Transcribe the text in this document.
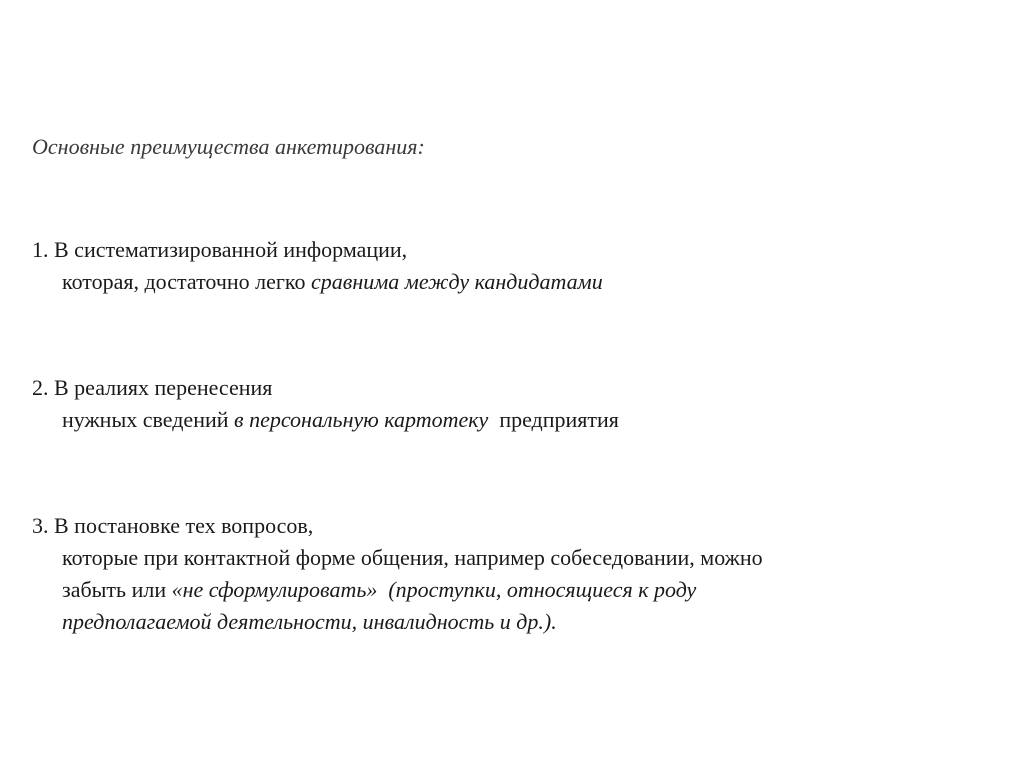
Основные преимущества анкетирования:
1. В систематизированной информации,
которая, достаточно легко сравнима между кандидатами
2. В реалиях перенесения
нужных сведений в персональную картотеку  предприятия
3. В постановке тех вопросов,
которые при контактной форме общения, например собеседовании, можно
забыть или «не сформулировать»  (проступки, относящиеся к роду
предполагаемой деятельности, инвалидность и др.).
